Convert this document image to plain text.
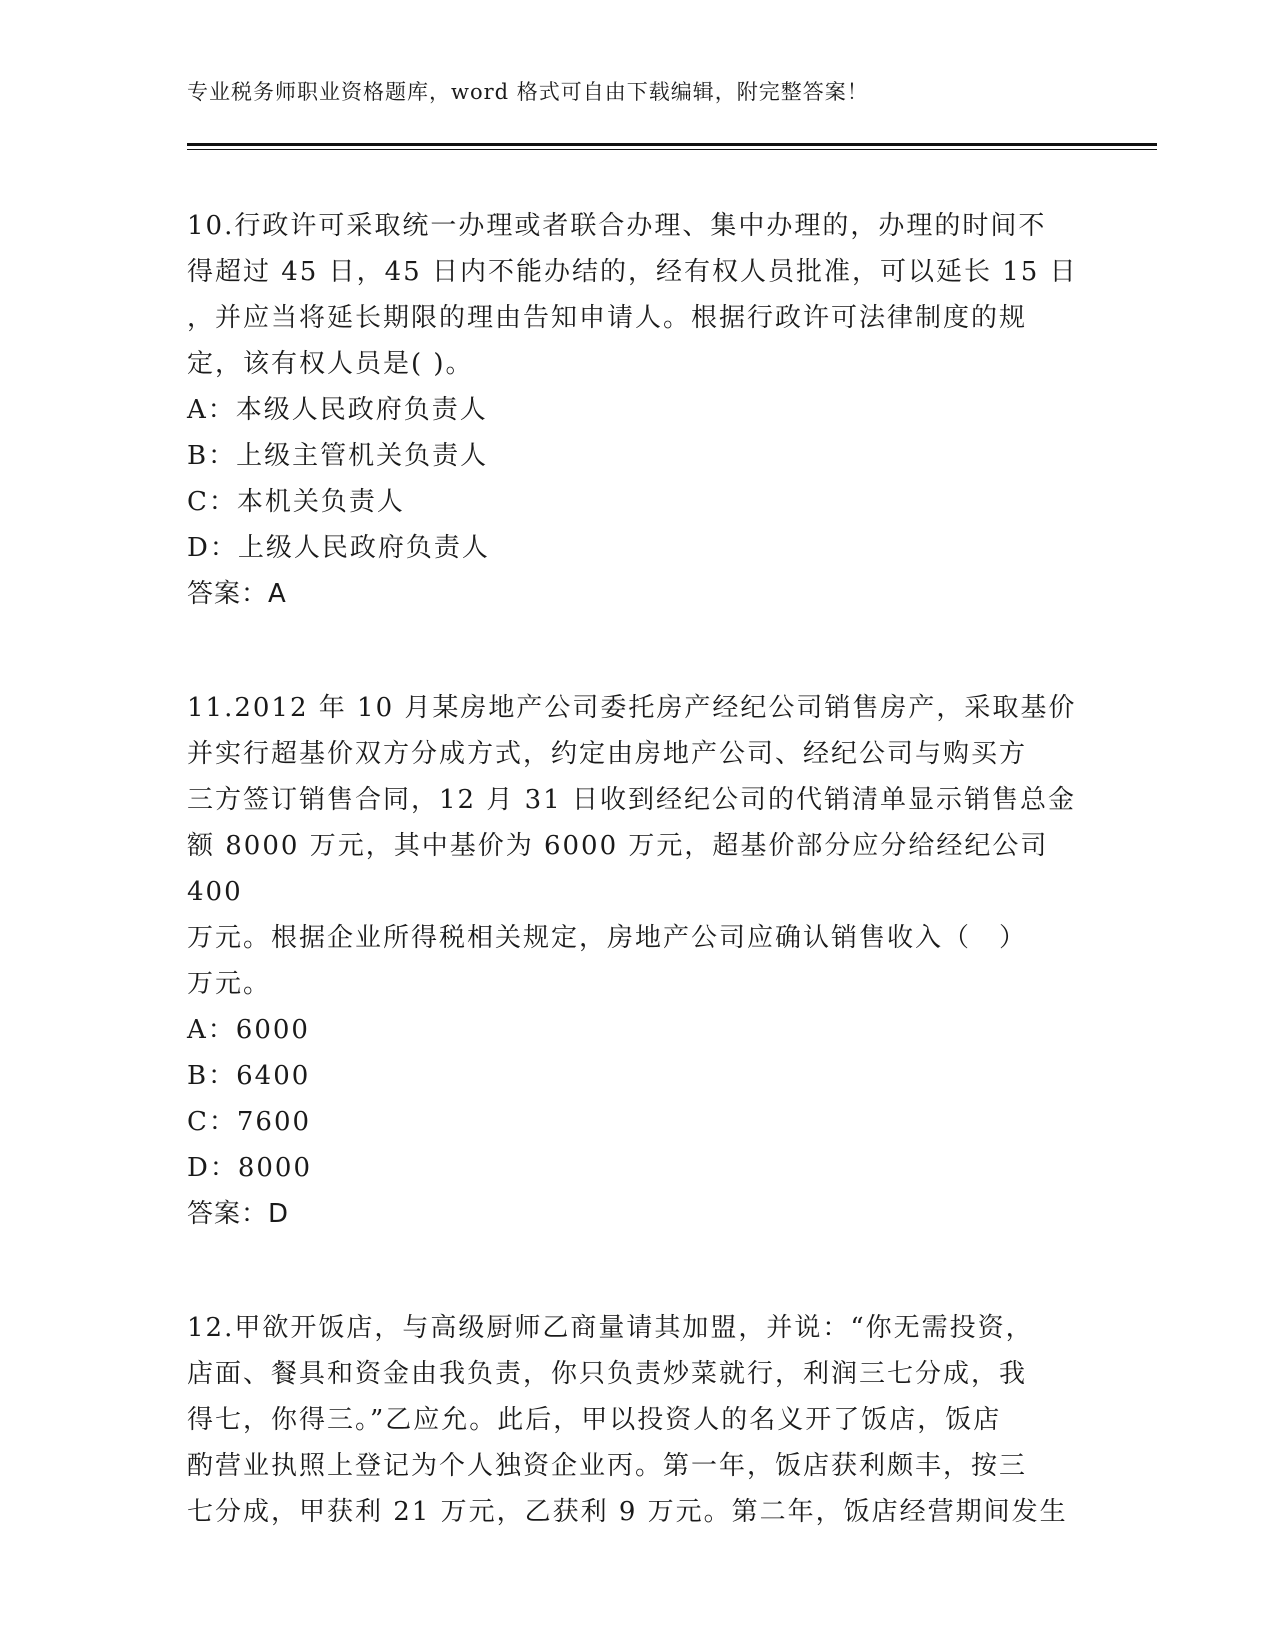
专业税务师职业资格题库，word 格式可自由下载编辑，附完整答案！

10.行政许可采取统一办理或者联合办理、集中办理的，办理的时间不

得超过 45 日，45 日内不能办结的，经有权人员批准，可以延长 15 日

，并应当将延长期限的理由告知申请人。根据行政许可法律制度的规

定，该有权人员是( )。

A：本级人民政府负责人

B：上级主管机关负责人

C：本机关负责人

D：上级人民政府负责人

答案：A

11.2012 年 10 月某房地产公司委托房产经纪公司销售房产，采取基价

并实行超基价双方分成方式，约定由房地产公司、经纪公司与购买方

三方签订销售合同，12 月 31 日收到经纪公司的代销清单显示销售总金

额 8000 万元，其中基价为 6000 万元，超基价部分应分给经纪公司 400

万元。根据企业所得税相关规定，房地产公司应确认销售收入（　）

万元。

A：6000

B：6400

C：7600

D：8000

答案：D

12.甲欲开饭店，与高级厨师乙商量请其加盟，并说：“你无需投资，

店面、餐具和资金由我负责，你只负责炒菜就行，利润三七分成，我

得七，你得三。”乙应允。此后，甲以投资人的名义开了饭店，饭店

酌营业执照上登记为个人独资企业丙。第一年，饭店获利颇丰，按三

七分成，甲获利 21 万元，乙获利 9 万元。第二年，饭店经营期间发生
